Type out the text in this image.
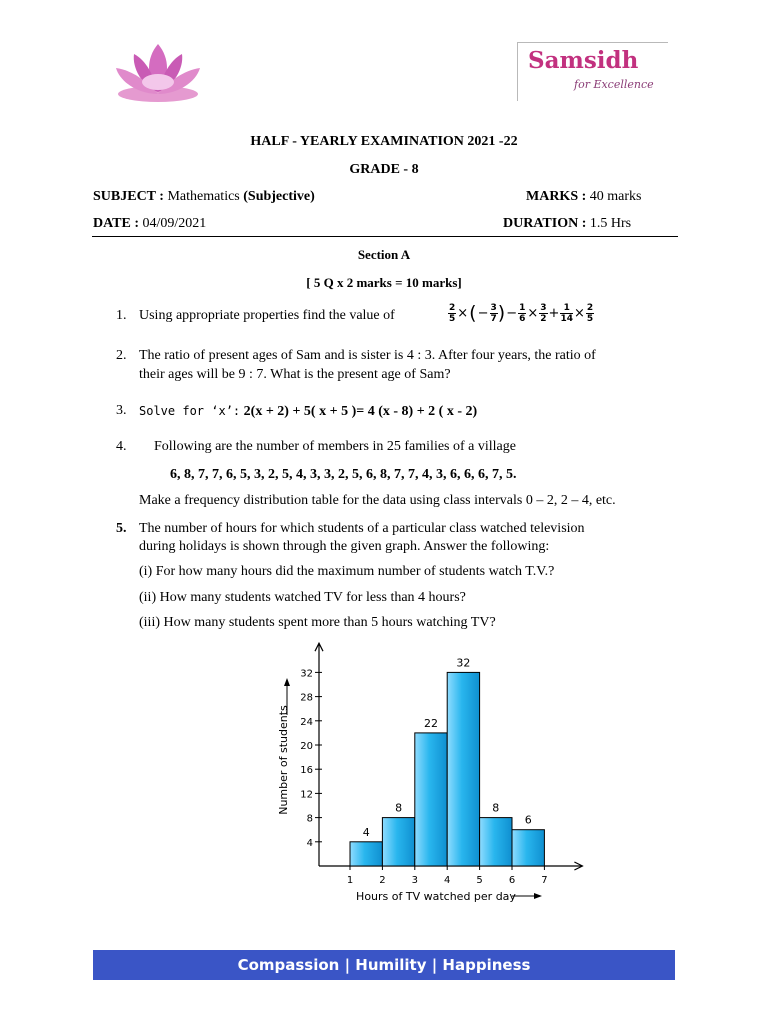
Samsidh
for Excellence
HALF - YEARLY EXAMINATION 2021 -22
GRADE - 8
SUBJECT : Mathematics (Subjective)	MARKS : 40 marks
DATE : 04/09/2021	DURATION : 1.5 Hrs
Section A
[ 5 Q x 2 marks = 10 marks]
1. Using appropriate properties find the value of	$\frac{2}{5}$ ×(− $\frac{3}{7}$ )− $\frac{1}{6} \times \frac{3}{2} + \frac{1}{14} \times \frac{2}{5}$
2. The ratio of present ages of Sam and is sister is 4 : 3. After four years, the ratio of
their ages will be 9 : 7. What is the present age of Sam?
3. Solve for ‘x’: 2(x + 2) + 5( x + 5 )= 4 (x - 8) + 2 ( x - 2)
4. Following are the number of members in 25 families of a village
6, 8, 7, 7, 6, 5, 3, 2, 5, 4, 3, 3, 2, 5, 6, 8, 7, 7, 4, 3, 6, 6, 6, 7, 5.
Make a frequency distribution table for the data using class intervals 0 – 2, 2 – 4, etc.
5. The number of hours for which students of a particular class watched television
during holidays is shown through the given graph. Answer the following:
(i) For how many hours did the maximum number of students watch T.V.?
(ii) How many students watched TV for less than 4 hours?
(iii) How many students spent more than 5 hours watching TV?
4
8
12
16
20
24
28
32
1	2	3	4	5	6	7
4
8
22
32
8
6
Hours of TV watched per day
Number of students
Compassion | Humility | Happiness
